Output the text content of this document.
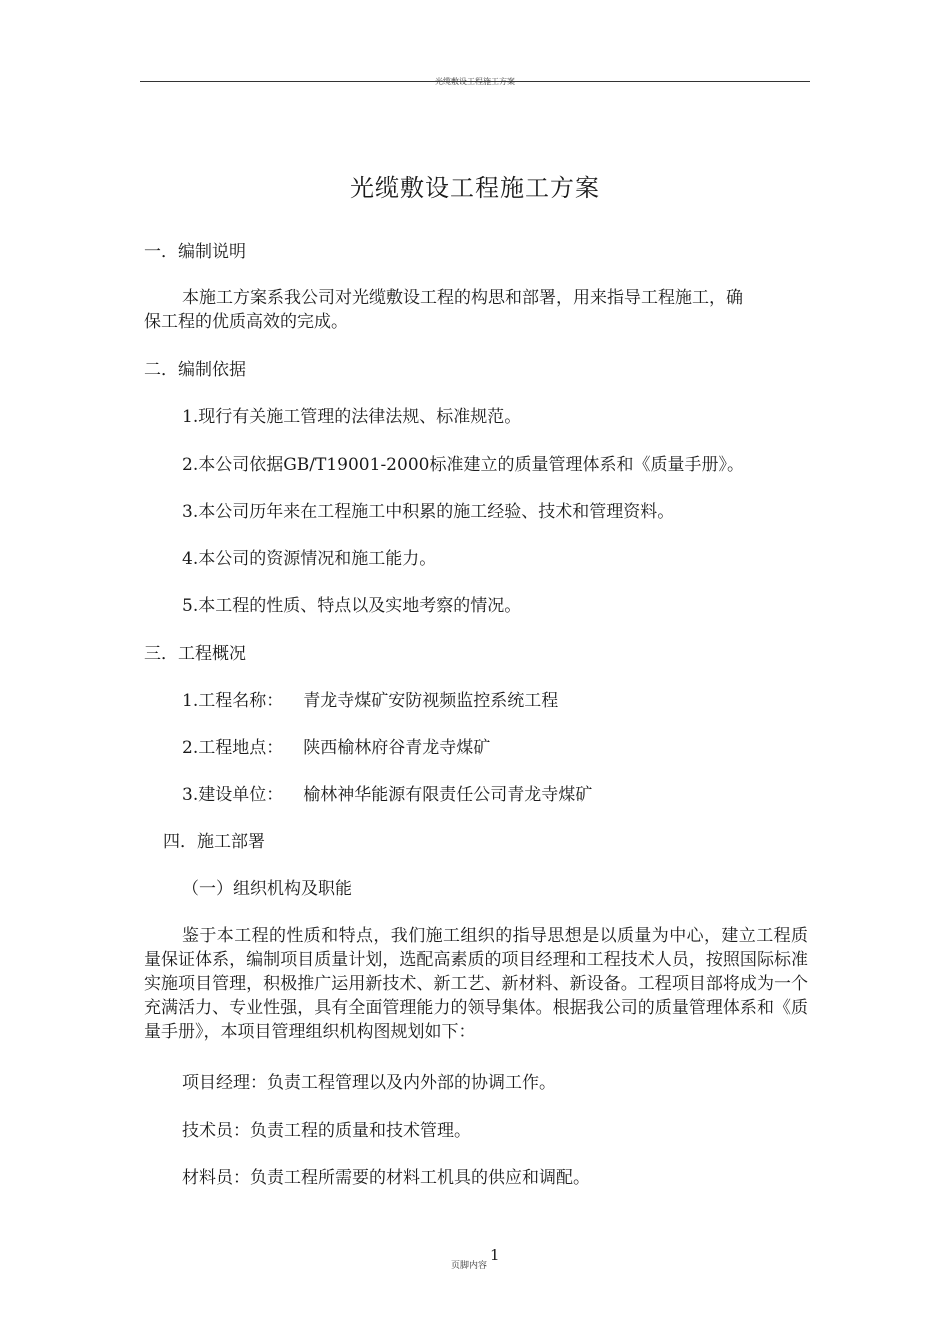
光缆敷设工程施工方案
光缆敷设工程施工方案
一．编制说明
本施工方案系我公司对光缆敷设工程的构思和部署，用来指导工程施工，确
保工程的优质高效的完成。
二．编制依据
1.现行有关施工管理的法律法规、标准规范。
2.本公司依据GB/T19001-2000标准建立的质量管理体系和《质量手册》。
3.本公司历年来在工程施工中积累的施工经验、技术和管理资料。
4.本公司的资源情况和施工能力。
5.本工程的性质、特点以及实地考察的情况。
三．工程概况
1.工程名称： 青龙寺煤矿安防视频监控系统工程
2.工程地点： 陕西榆林府谷青龙寺煤矿
3.建设单位： 榆林神华能源有限责任公司青龙寺煤矿
四．施工部署
（一）组织机构及职能
鉴于本工程的性质和特点，我们施工组织的指导思想是以质量为中心，建立工程质量保证体系，编制项目质量计划，选配高素质的项目经理和工程技术人员，按照国际标准实施项目管理，积极推广运用新技术、新工艺、新材料、新设备。工程项目部将成为一个充满活力、专业性强，具有全面管理能力的领导集体。根据我公司的质量管理体系和《质量手册》，本项目管理组织机构图规划如下：
项目经理：负责工程管理以及内外部的协调工作。
技术员：负责工程的质量和技术管理。
材料员：负责工程所需要的材料工机具的供应和调配。
页脚内容
1
